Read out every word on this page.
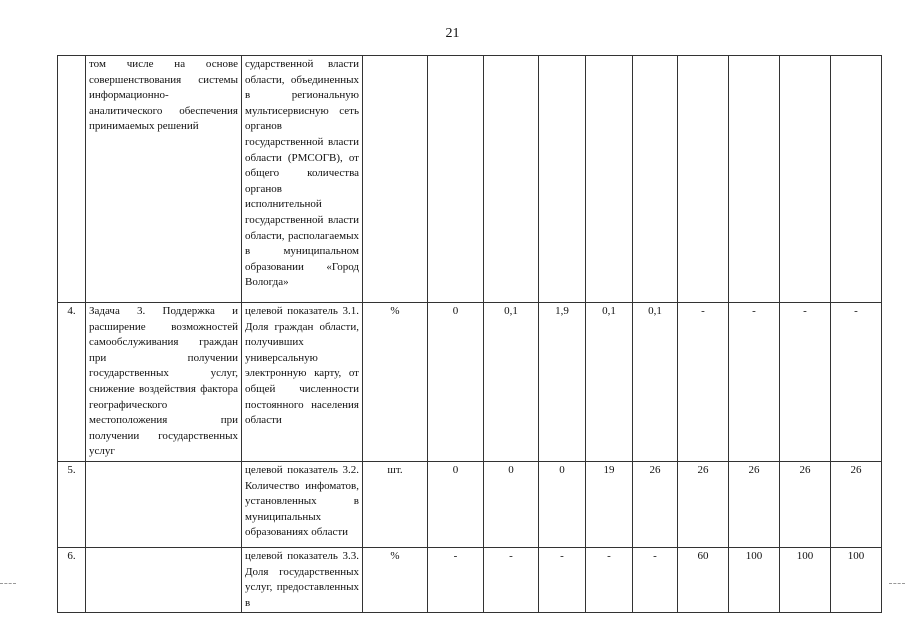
21
	том числе на основе совершенствования системы информационно-аналитического обеспечения принимаемых решений	сударственной власти области, объединенных в региональную мультисервисную сеть органов государственной власти области (РМСОГВ), от общего количества органов исполнительной государственной власти области, располагаемых в муниципальном образовании «Город Вологда»										
4.	Задача 3. Поддержка и расширение возможностей самообслуживания граждан при получении государственных услуг, снижение воздействия фактора географического местоположения при получении государственных услуг	целевой показатель 3.1. Доля граждан области, получивших универсальную электронную карту, от общей численности постоянного населения области	%	0	0,1	1,9	0,1	0,1	-	-	-	-
5.		целевой показатель 3.2. Количество инфоматов, установленных в муниципальных образованиях области	шт.	0	0	0	19	26	26	26	26	26
6.		целевой показатель 3.3. Доля государственных услуг, предоставленных в	%	-	-	-	-	-	60	100	100	100
